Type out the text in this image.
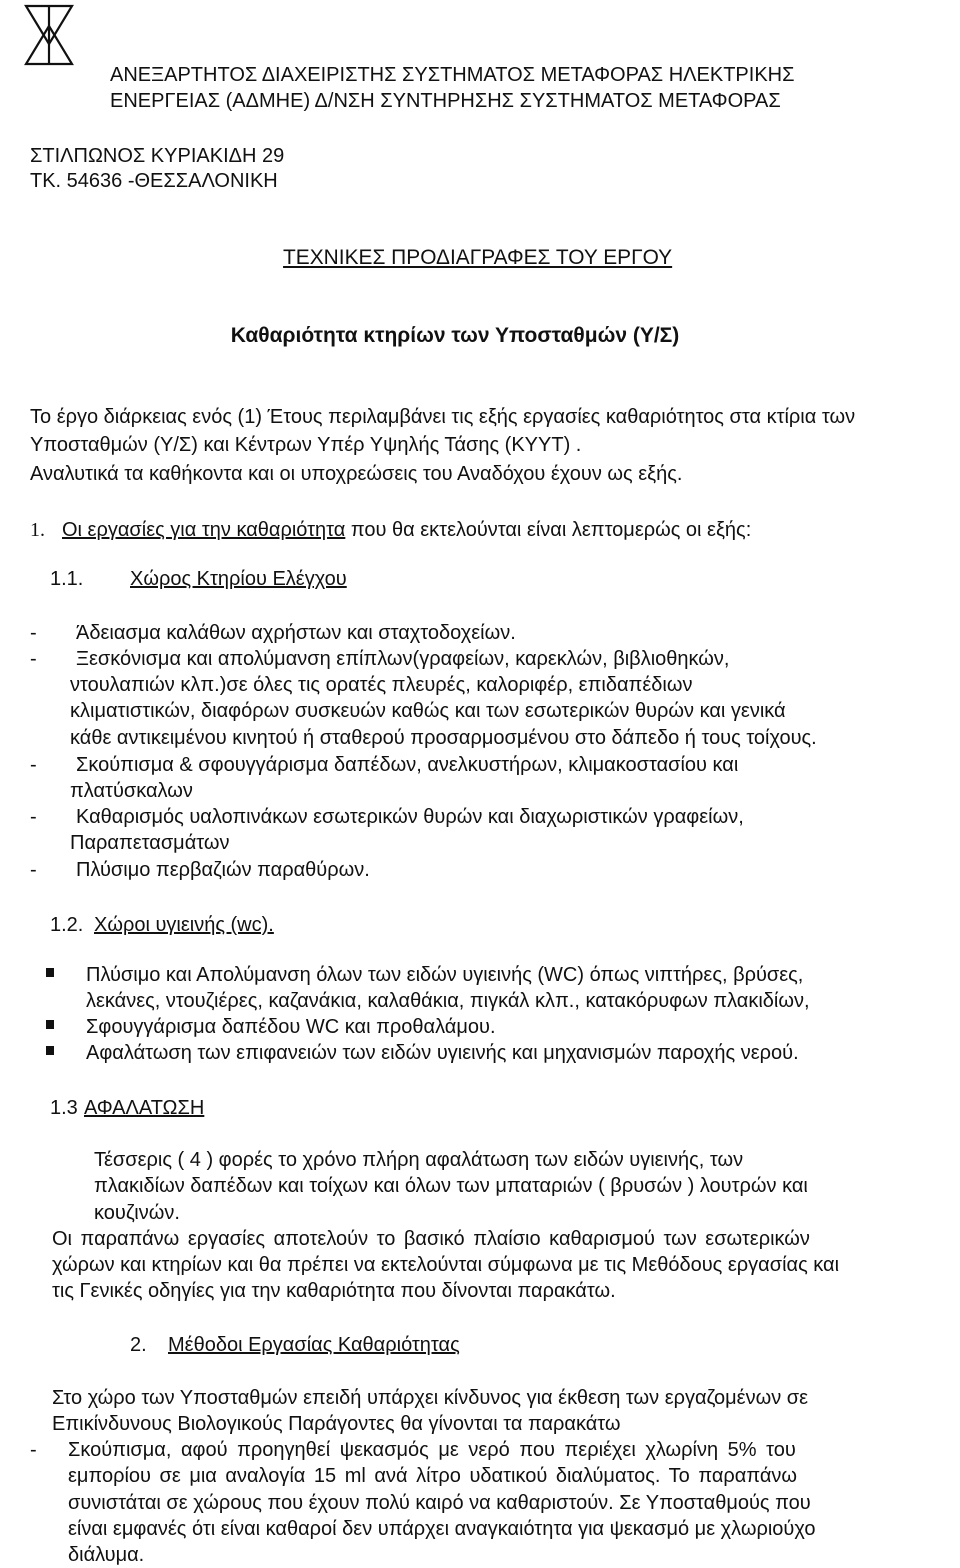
ΑΝΕΞΑΡΤΗΤΟΣ ΔΙΑΧΕΙΡΙΣΤΗΣ ΣΥΣΤΗΜΑΤΟΣ ΜΕΤΑΦΟΡΑΣ ΗΛΕΚΤΡΙΚΗΣ
ΕΝΕΡΓΕΙΑΣ (ΑΔΜΗΕ) Δ/ΝΣΗ ΣΥΝΤΗΡΗΣΗΣ ΣΥΣΤΗΜΑΤΟΣ ΜΕΤΑΦΟΡΑΣ
ΣΤΙΛΠΩΝΟΣ ΚΥΡΙΑΚΙΔΗ 29
ΤΚ. 54636 -ΘΕΣΣΑΛΟΝΙΚΗ
ΤΕΧΝΙΚΕΣ ΠΡΟΔΙΑΓΡΑΦΕΣ ΤΟΥ ΕΡΓΟΥ
Καθαριότητα κτηρίων των Υποσταθμών (Υ/Σ)
Το έργο διάρκειας ενός (1) Έτους περιλαμβάνει τις εξής εργασίες καθαριότητος στα κτίρια των
Υποσταθμών (Υ/Σ) και Κέντρων Υπέρ Υψηλής Τάσης (ΚΥΥΤ) .
Αναλυτικά τα καθήκοντα και οι υποχρεώσεις του Αναδόχου έχουν ως εξής.
1. Οι εργασίες για την καθαριότητα που θα εκτελούνται είναι λεπτομερώς οι εξής:
1.1. Χώρος Κτηρίου Ελέγχου
- Άδειασμα καλάθων αχρήστων και σταχτοδοχείων.
- Ξεσκόνισμα και απολύμανση επίπλων(γραφείων, καρεκλών, βιβλιοθηκών,
ντουλαπιών κλπ.)σε όλες τις ορατές πλευρές, καλοριφέρ, επιδαπέδιων
κλιματιστικών, διαφόρων συσκευών καθώς και των εσωτερικών θυρών και γενικά
κάθε αντικειμένου κινητού ή σταθερού προσαρμοσμένου στο δάπεδο ή τους τοίχους.
- Σκούπισμα & σφουγγάρισμα δαπέδων, ανελκυστήρων, κλιμακοστασίου και
πλατύσκαλων
- Καθαρισμός υαλοπινάκων εσωτερικών θυρών και διαχωριστικών γραφείων,
Παραπετασμάτων
- Πλύσιμο περβαζιών παραθύρων.
1.2. Χώροι υγιεινής (wc).
Πλύσιμο και Απολύμανση όλων των ειδών υγιεινής (WC) όπως νιπτήρες, βρύσες,
λεκάνες, ντουζιέρες, καζανάκια, καλαθάκια, πιγκάλ κλπ., κατακόρυφων πλακιδίων,
Σφουγγάρισμα δαπέδου WC και προθαλάμου.
Αφαλάτωση των επιφανειών των ειδών υγιεινής και μηχανισμών παροχής νερού.
1.3 ΑΦΑΛΑΤΩΣΗ
Τέσσερις ( 4 ) φορές το χρόνο πλήρη αφαλάτωση των ειδών υγιεινής, των
πλακιδίων δαπέδων και τοίχων και όλων των μπαταριών ( βρυσών ) λουτρών και
κουζινών.
Οι παραπάνω εργασίες αποτελούν το βασικό πλαίσιο καθαρισμού των εσωτερικών
χώρων και κτηρίων και θα πρέπει να εκτελούνται σύμφωνα με τις Μεθόδους εργασίας και
τις Γενικές οδηγίες για την καθαριότητα που δίνονται παρακάτω.
2. Μέθοδοι Εργασίας Καθαριότητας
Στο χώρο των Υποσταθμών επειδή υπάρχει κίνδυνος για έκθεση των εργαζομένων σε
Επικίνδυνους Βιολογικούς Παράγοντες θα γίνονται τα παρακάτω
- Σκούπισμα, αφού προηγηθεί ψεκασμός με νερό που περιέχει χλωρίνη 5% του
εμπορίου σε μια αναλογία 15 ml ανά λίτρο υδατικού διαλύματος. Το παραπάνω
συνιστάται σε χώρους που έχουν πολύ καιρό να καθαριστούν. Σε Υποσταθμούς που
είναι εμφανές ότι είναι καθαροί δεν υπάρχει αναγκαιότητα για ψεκασμό με χλωριούχο
διάλυμα.
